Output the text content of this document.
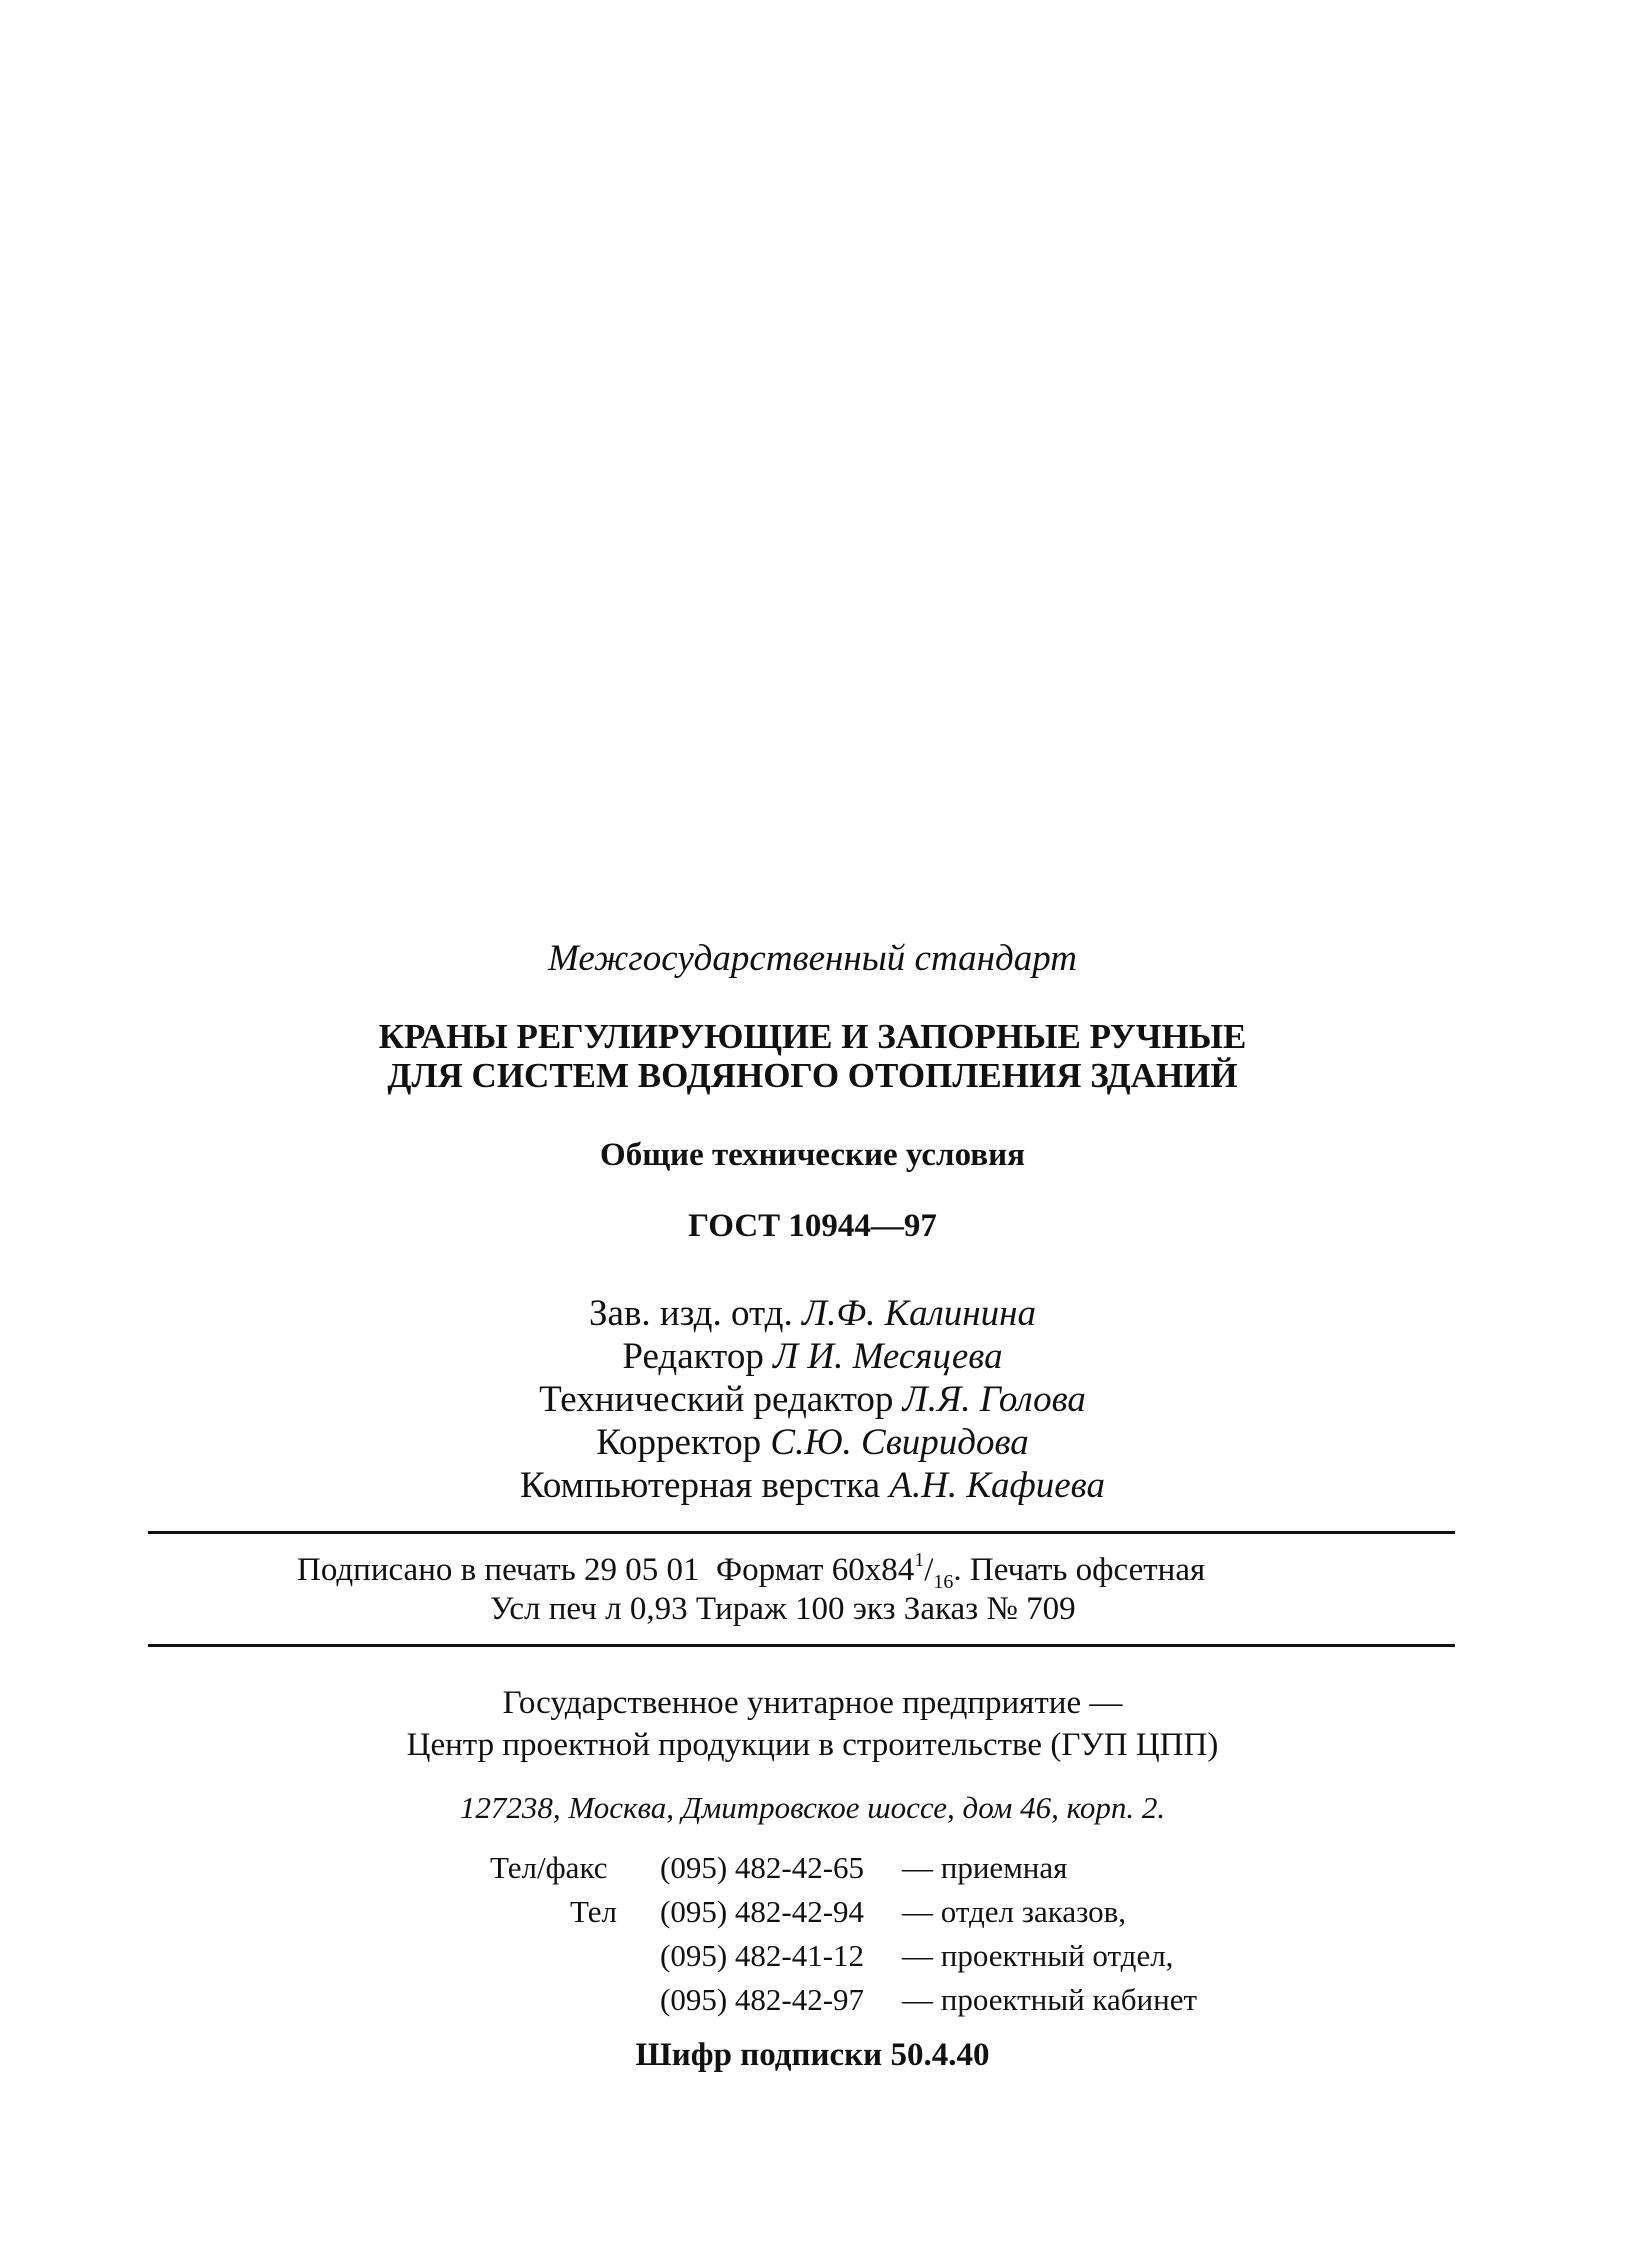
Межгосударственный стандарт
КРАНЫ РЕГУЛИРУЮЩИЕ И ЗАПОРНЫЕ РУЧНЫЕ
ДЛЯ СИСТЕМ ВОДЯНОГО ОТОПЛЕНИЯ ЗДАНИЙ
Общие технические условия
ГОСТ 10944—97
Зав. изд. отд. Л.Ф. Калинина
Редактор Л И. Месяцева
Технический редактор Л.Я. Голова
Корректор С.Ю. Свиридова
Компьютерная верстка А.Н. Кафиева
Подписано в печать 29 05 01 Формат $60x84^1/_{16}$. Печать офсетная
Усл печ л 0,93 Тираж 100 экз Заказ № 709
Государственное унитарное предприятие —
Центр проектной продукции в строительстве (ГУП ЦПП)
127238, Москва, Дмитровское шоссе, дом 46, корп. 2.
Тел/факс (095) 482-42-65 — приемная
Тел (095) 482-42-94 — отдел заказов,
(095) 482-41-12 — проектный отдел,
(095) 482-42-97 — проектный кабинет
Шифр подписки 50.4.40
